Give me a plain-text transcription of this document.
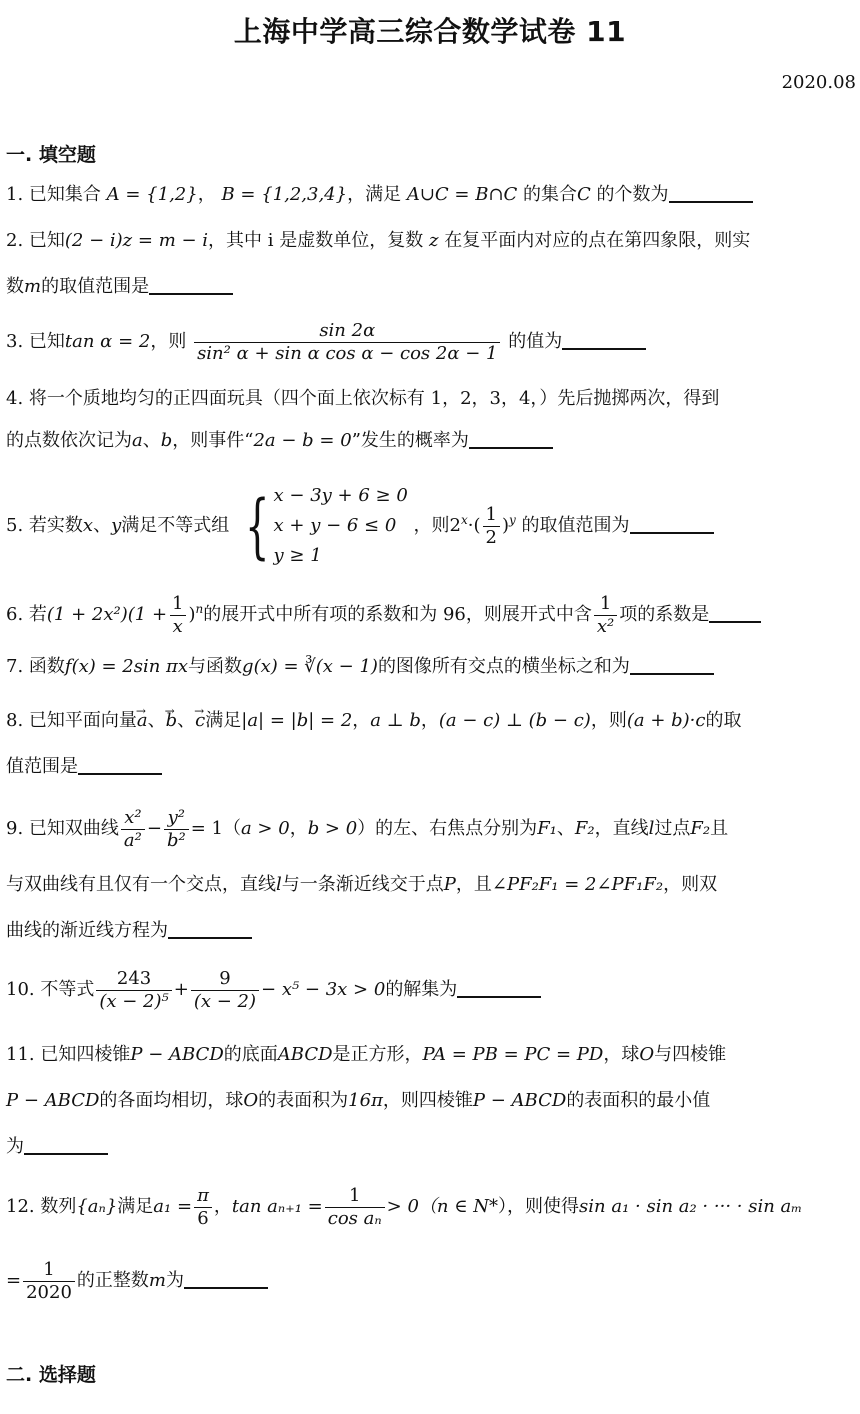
上海中学高三综合数学试卷 11
2020.08
一. 填空题
1. 已知集合 A = {1,2}， B = {1,2,3,4}，满足 A∪C = B∩C 的集合C 的个数为
2. 已知(2 − i)z = m − i，其中 i 是虚数单位，复数 z 在复平面内对应的点在第四象限，则实
数m的取值范围是
3. 已知tan α = 2，则 $\frac{\sin 2\alpha}{\text{sin² α + sin α cos α − cos 2α − 1}}$ 的值为
4. 将一个质地均匀的正四面玩具（四个面上依次标有 1，2，3，4，）先后抛掷两次，得到
的点数依次记为a、b，则事件“2a − b = 0”发生的概率为
5. 若实数x、y满足不等式组 { x − 3y + 6 ≥ 0
x + y − 6 ≤ 0
y ≥ 1
，则$2^x\cdot( \frac{1}{2} )^y$ 的取值范围为
6. 若$(1 + 2x^2)(1 + \frac{1}{x} )^n$的展开式中所有项的系数和为 96，则展开式中含 $\frac{1}{\text{x²}}$ 项的系数是
7. 函数f(x) = 2sin πx与函数g(x) = ∛(x − 1)的图像所有交点的横坐标之和为
8. 已知平面向量→ a、→ b、→ c满足|a| = |b| = 2，a ⊥ b，(a − c) ⊥ (b − c)，则(a + b)·c的取
值范围是
9. 已知双曲线 $\frac{\text{x²}}{\text{a²}} - \frac{\text{y²}}{\text{b²}} = 1(a > 0$，b > 0）的左、右焦点分别为F₁、F₂，直线l过点F₂且
与双曲线有且仅有一个交点，直线l与一条渐近线交于点P，且∠PF₂F₁ = 2∠PF₁F₂，则双
曲线的渐近线方程为
10. 不等式 $\frac{243}{\text{(x − 2)⁵}} + \frac{9}{(x - 2)} - x^5 - 3x > 0$的解集为
11. 已知四棱锥P − ABCD的底面ABCD是正方形，PA = PB = PC = PD，球O与四棱锥
P − ABCD的各面均相切，球O的表面积为16π，则四棱锥P − ABCD的表面积的最小值
为
12. 数列{aₙ}满足$a_1 = \frac{\pi}{6}$ ，$\tan a_{n+1} = \frac{1}{\text{cos aₙ}} > 0(n$ ∈ N*），则使得sin a₁ · sin a₂ · ··· · sin aₘ
= $\frac{1}{2020}$ 的正整数m为
二. 选择题
